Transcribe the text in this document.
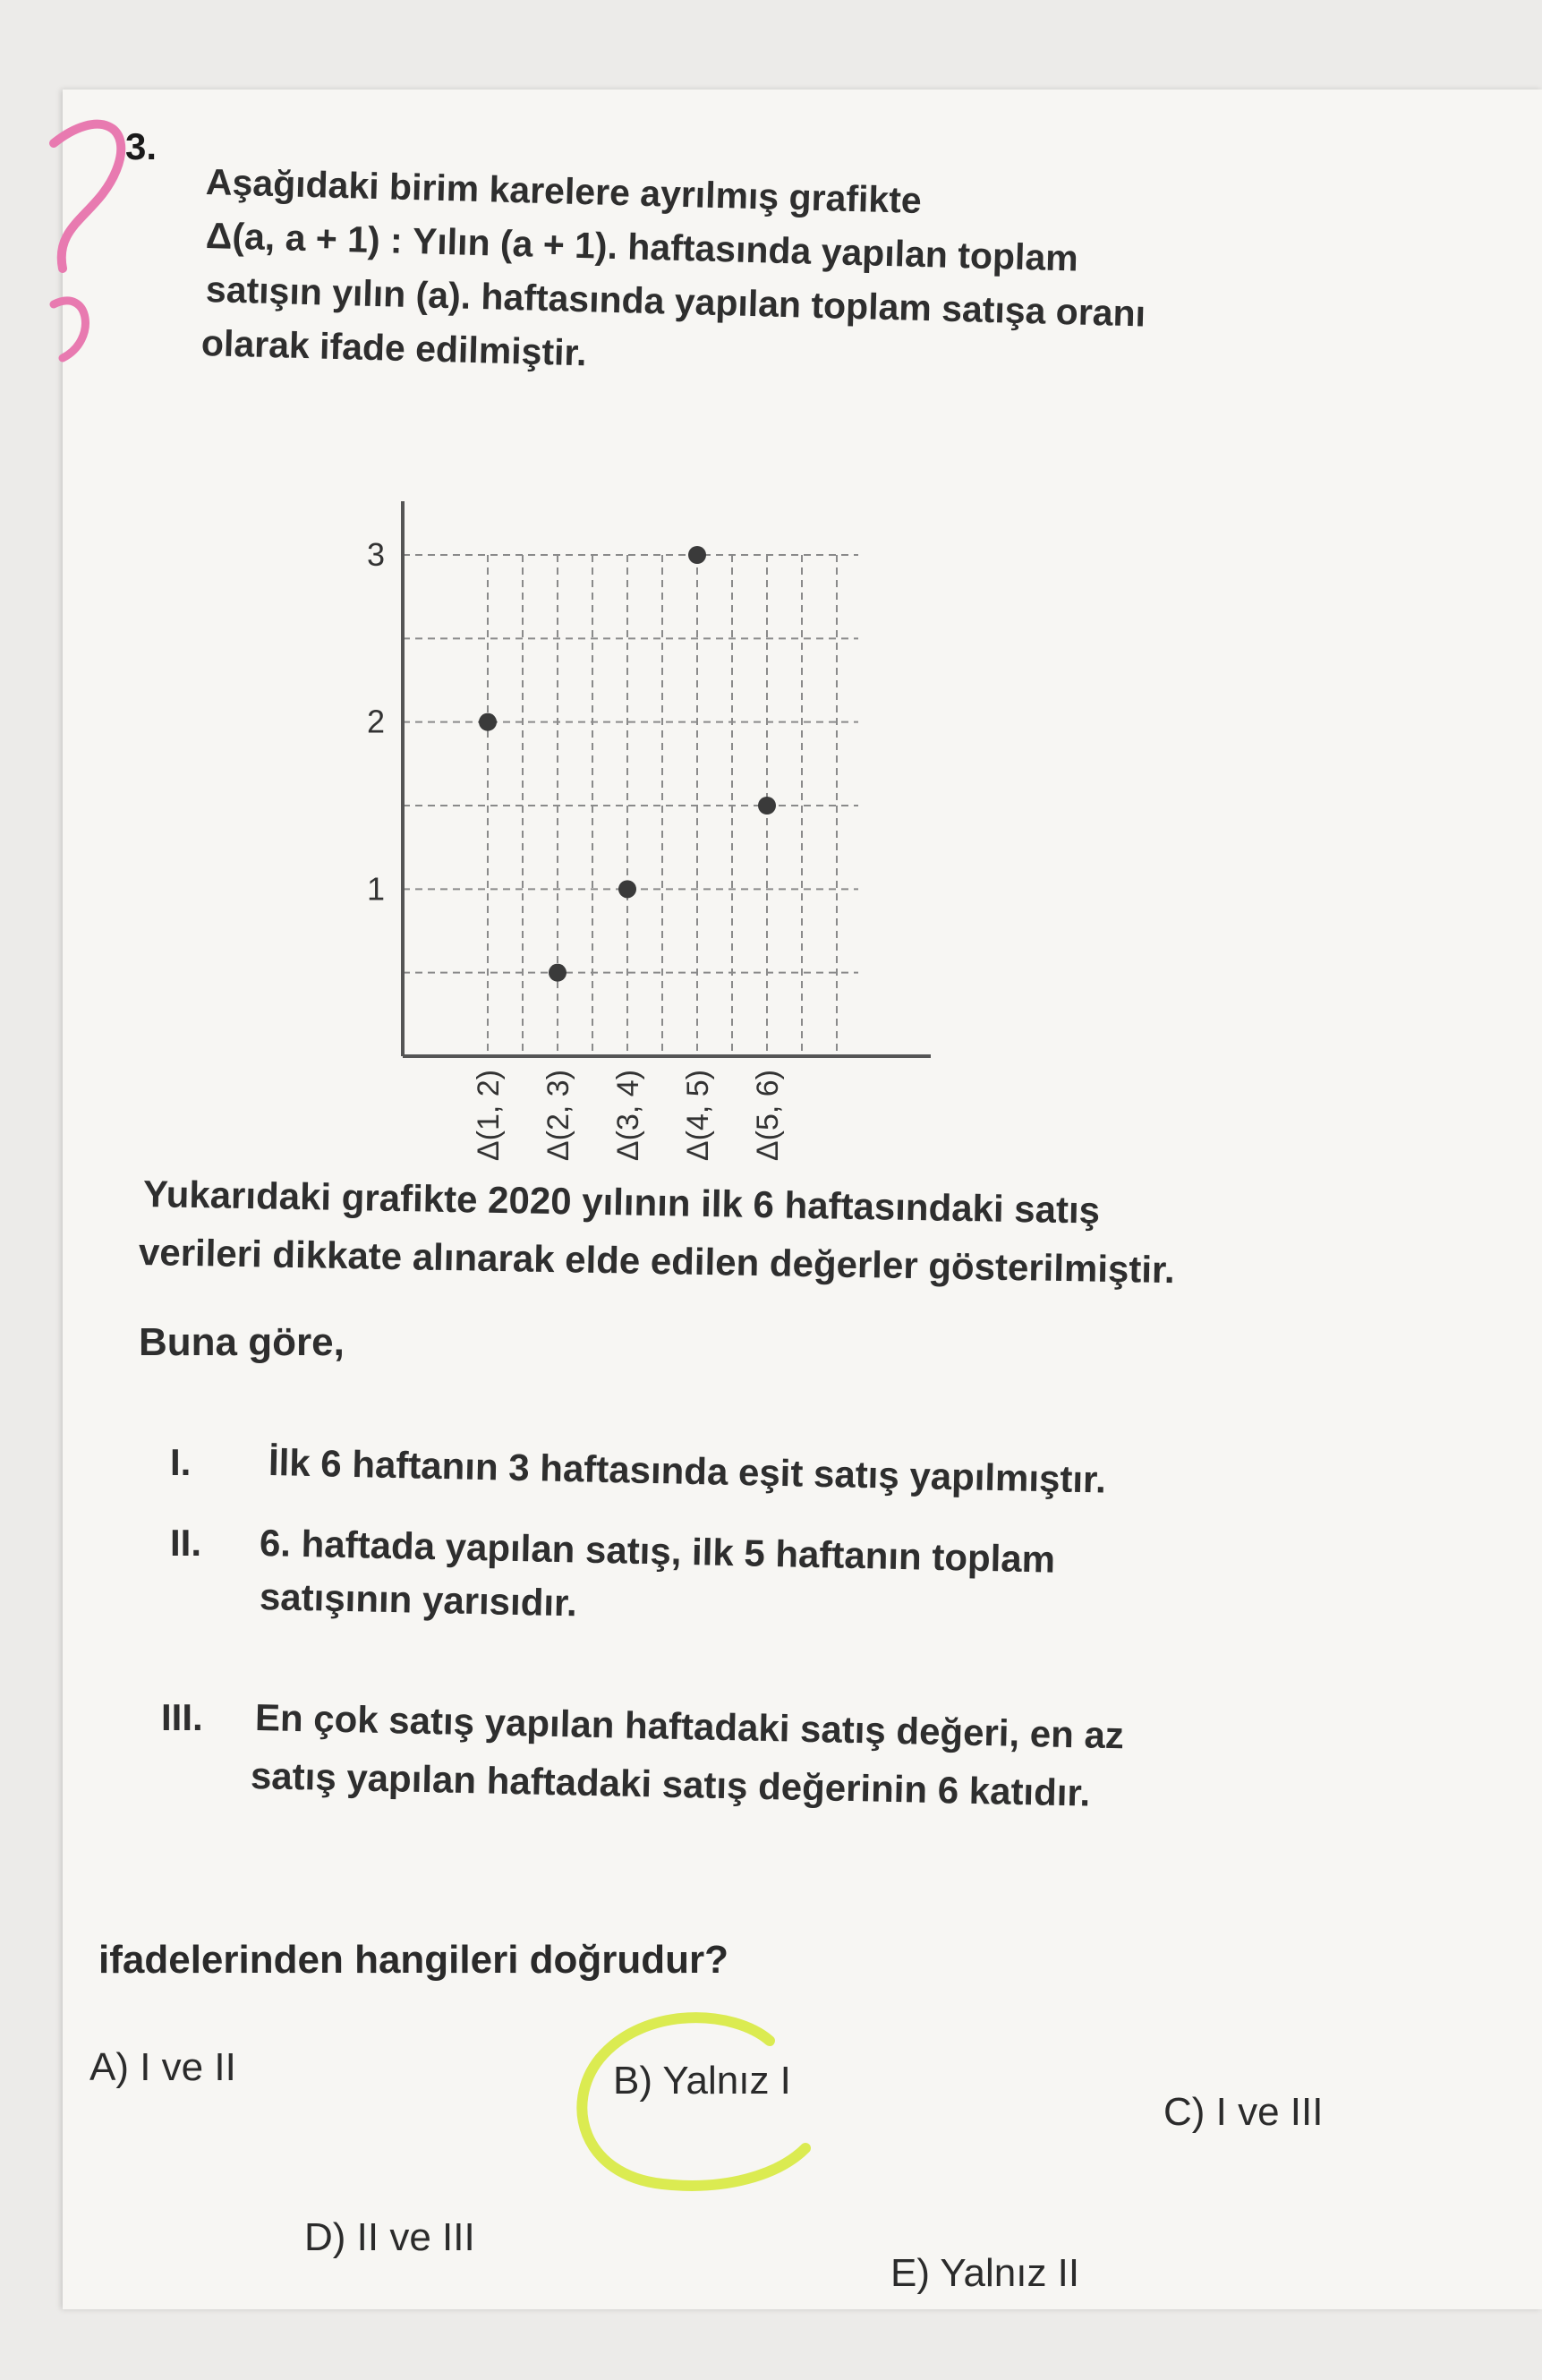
3.
Aşağıdaki birim karelere ayrılmış grafikte
Δ(a, a + 1) : Yılın (a + 1). haftasında yapılan toplam
satışın yılın (a). haftasında yapılan toplam satışa oranı
olarak ifade edilmiştir.
1
2
3
Δ(1, 2) Δ(2, 3) Δ(3, 4) Δ(4, 5) Δ(5, 6)
Yukarıdaki grafikte 2020 yılının ilk 6 haftasındaki satış
verileri dikkate alınarak elde edilen değerler gösterilmiştir.
Buna göre,
I. İlk 6 haftanın 3 haftasında eşit satış yapılmıştır.
II. 6. haftada yapılan satış, ilk 5 haftanın toplam
satışının yarısıdır.
III. En çok satış yapılan haftadaki satış değeri, en az
satış yapılan haftadaki satış değerinin 6 katıdır.
ifadelerinden hangileri doğrudur?
A) I ve II	B) Yalnız I
C) I ve III
D) II ve III
E) Yalnız II
